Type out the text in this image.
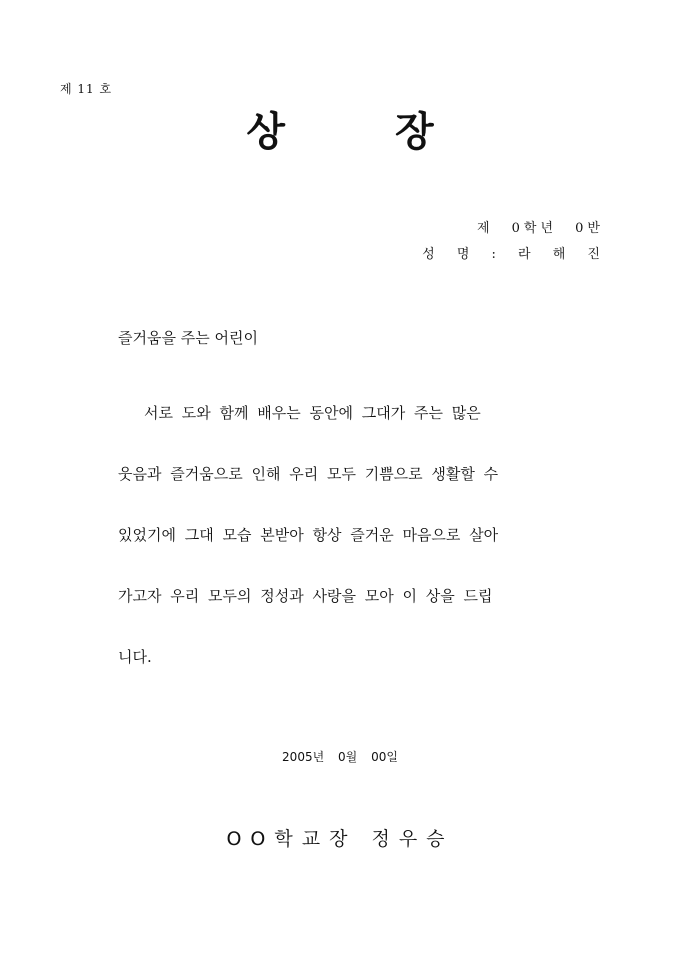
제 11 호
상	장
제 0학년 0반
성 명 : 라 해 진
즐거움을 주는 어린이
서로 도와 함께 배우는 동안에 그대가 주는 많은
웃음과 즐거움으로 인해 우리 모두 기쁨으로 생활할 수
있었기에 그대 모습 본받아 항상 즐거운 마음으로 살아
가고자 우리 모두의 정성과 사랑을 모아 이 상을 드립
니다.
2005년 0월 00일
OO학교장 정우승
